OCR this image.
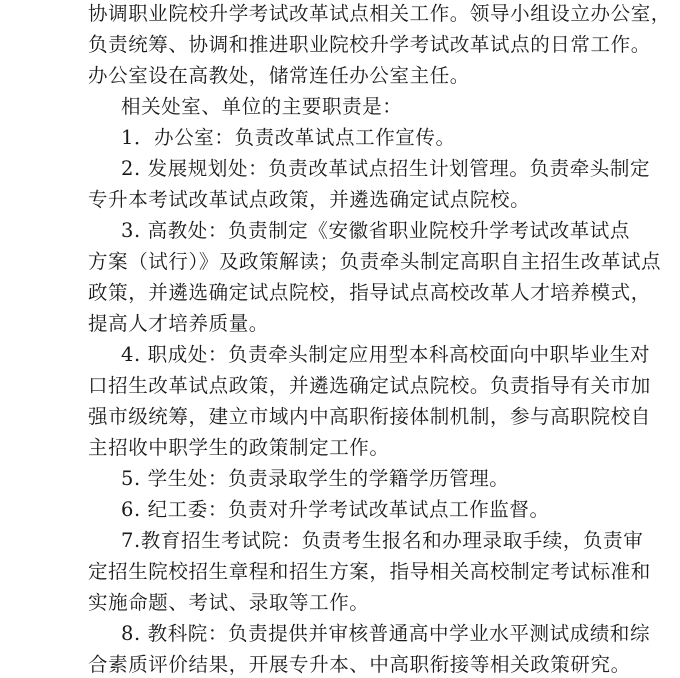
协调职业院校升学考试改革试点相关工作。领导小组设立办公室，
负责统筹、协调和推进职业院校升学考试改革试点的日常工作。
办公室设在高教处，储常连任办公室主任。
相关处室、单位的主要职责是：
1．办公室：负责改革试点工作宣传。
2. 发展规划处：负责改革试点招生计划管理。负责牵头制定
专升本考试改革试点政策，并遴选确定试点院校。
3. 高教处：负责制定《安徽省职业院校升学考试改革试点
方案（试行）》及政策解读；负责牵头制定高职自主招生改革试点
政策，并遴选确定试点院校，指导试点高校改革人才培养模式，
提高人才培养质量。
4. 职成处：负责牵头制定应用型本科高校面向中职毕业生对
口招生改革试点政策，并遴选确定试点院校。负责指导有关市加
强市级统筹，建立市域内中高职衔接体制机制，参与高职院校自
主招收中职学生的政策制定工作。
5. 学生处：负责录取学生的学籍学历管理。
6. 纪工委：负责对升学考试改革试点工作监督。
7.教育招生考试院：负责考生报名和办理录取手续，负责审
定招生院校招生章程和招生方案，指导相关高校制定考试标准和
实施命题、考试、录取等工作。
8. 教科院：负责提供并审核普通高中学业水平测试成绩和综
合素质评价结果，开展专升本、中高职衔接等相关政策研究。
